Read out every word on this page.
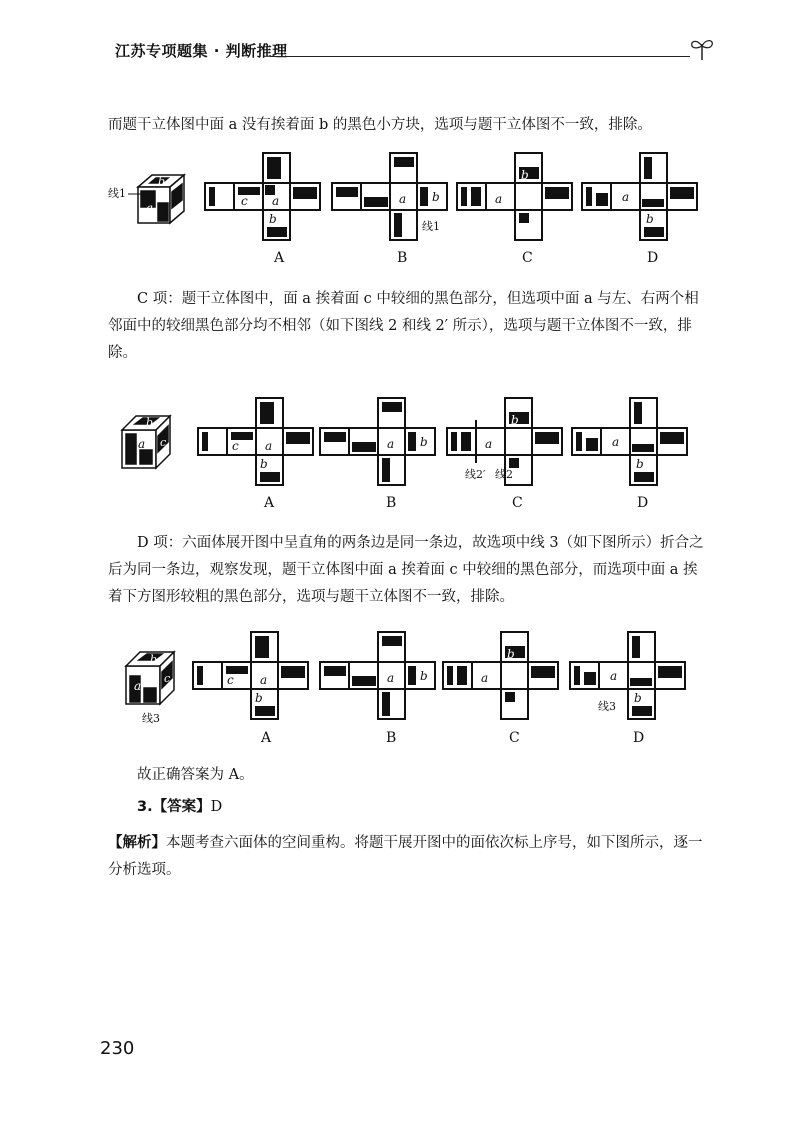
江苏专项题集 · 判断推理
而题干立体图中面 a 没有挨着面 b 的黑色小方块，选项与题干立体图不一致，排除。
a
b
c
线1
a
b
c	a b
线1
a
b
a
b
A	B	C	D
C 项：题干立体图中，面 a 挨着面 c 中较细的黑色部分，但选项中面 a 与左、右两个相邻面中的较细黑色部分均不相邻（如下图线 2 和线 2′ 所示），选项与题干立体图不一致，排除。
a
b
c	a
b
c	a b	a
b
线2′ 线2
a
b
A	B	C	D
D 项：六面体展开图中呈直角的两条边是同一条边，故选项中线 3（如下图所示）折合之后为同一条边，观察发现，题干立体图中面 a 挨着面 c 中较细的黑色部分，而选项中面 a 挨着下方图形较粗的黑色部分，选项与题干立体图不一致，排除。
a
b
c
线3
a
b
c	a b	a
b
a
b
线3
A	B	C	D
故正确答案为 A。
3.【答案】D
【解析】本题考查六面体的空间重构。将题干展开图中的面依次标上序号，如下图所示，逐一分析选项。
230
